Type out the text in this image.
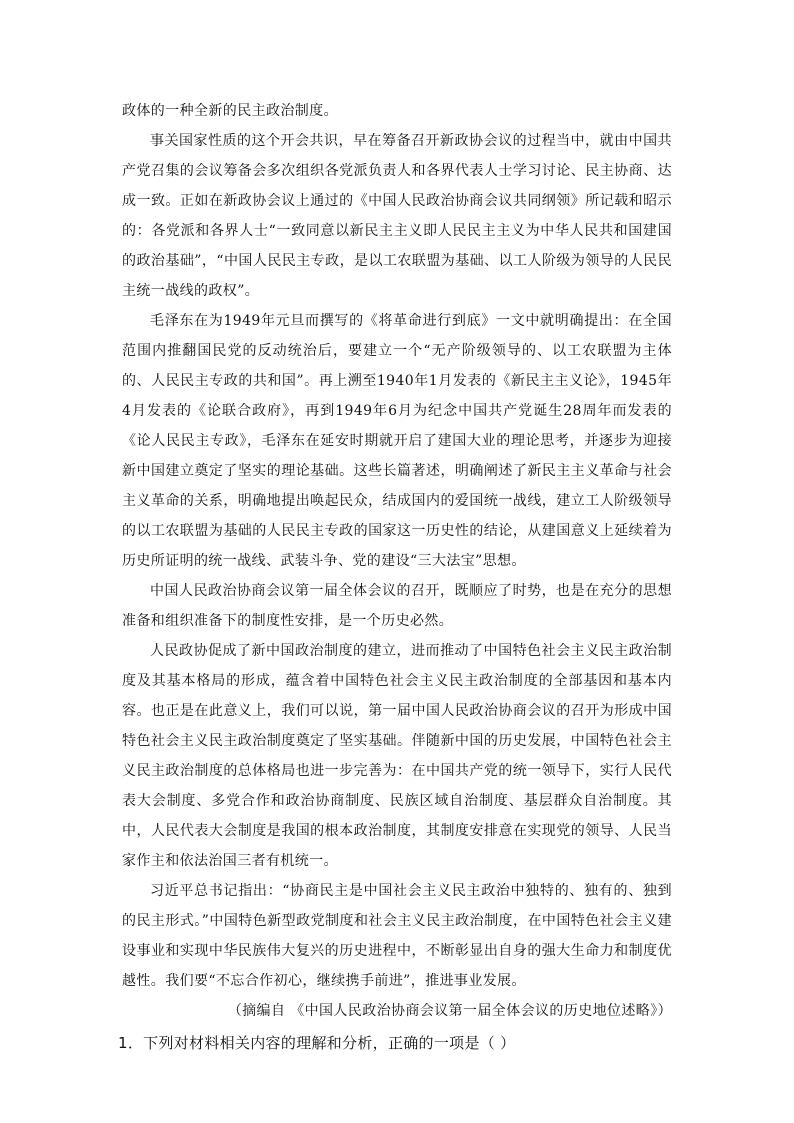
政体的一种全新的民主政治制度。

事关国家性质的这个开会共识，早在筹备召开新政协会议的过程当中，就由中国共产党召集的会议筹备会多次组织各党派负责人和各界代表人士学习讨论、民主协商、达成一致。正如在新政协会议上通过的《中国人民政治协商会议共同纲领》所记载和昭示的：各党派和各界人士“一致同意以新民主主义即人民民主主义为中华人民共和国建国的政治基础”，“中国人民民主专政，是以工农联盟为基础、以工人阶级为领导的人民民主统一战线的政权”。

毛泽东在为1949年元旦而撰写的《将革命进行到底》一文中就明确提出：在全国范围内推翻国民党的反动统治后，要建立一个“无产阶级领导的、以工农联盟为主体的、人民民主专政的共和国”。再上溯至1940年1月发表的《新民主主义论》，1945年4月发表的《论联合政府》，再到1949年6月为纪念中国共产党诞生28周年而发表的《论人民民主专政》，毛泽东在延安时期就开启了建国大业的理论思考，并逐步为迎接新中国建立奠定了坚实的理论基础。这些长篇著述，明确阐述了新民主主义革命与社会主义革命的关系，明确地提出唤起民众，结成国内的爱国统一战线，建立工人阶级领导的以工农联盟为基础的人民民主专政的国家这一历史性的结论，从建国意义上延续着为历史所证明的统一战线、武装斗争、党的建设“三大法宝”思想。

中国人民政治协商会议第一届全体会议的召开，既顺应了时势，也是在充分的思想准备和组织准备下的制度性安排，是一个历史必然。

人民政协促成了新中国政治制度的建立，进而推动了中国特色社会主义民主政治制度及其基本格局的形成，蕴含着中国特色社会主义民主政治制度的全部基因和基本内容。也正是在此意义上，我们可以说，第一届中国人民政治协商会议的召开为形成中国特色社会主义民主政治制度奠定了坚实基础。伴随新中国的历史发展，中国特色社会主义民主政治制度的总体格局也进一步完善为：在中国共产党的统一领导下，实行人民代表大会制度、多党合作和政治协商制度、民族区域自治制度、基层群众自治制度。其中，人民代表大会制度是我国的根本政治制度，其制度安排意在实现党的领导、人民当家作主和依法治国三者有机统一。

习近平总书记指出：“协商民主是中国社会主义民主政治中独特的、独有的、独到的民主形式。”中国特色新型政党制度和社会主义民主政治制度，在中国特色社会主义建设事业和实现中华民族伟大复兴的历史进程中，不断彰显出自身的强大生命力和制度优越性。我们要“不忘合作初心，继续携手前进”，推进事业发展。

（摘编自 《中国人民政治协商会议第一届全体会议的历史地位述略》）

1．下列对材料相关内容的理解和分析，正确的一项是（ ）
